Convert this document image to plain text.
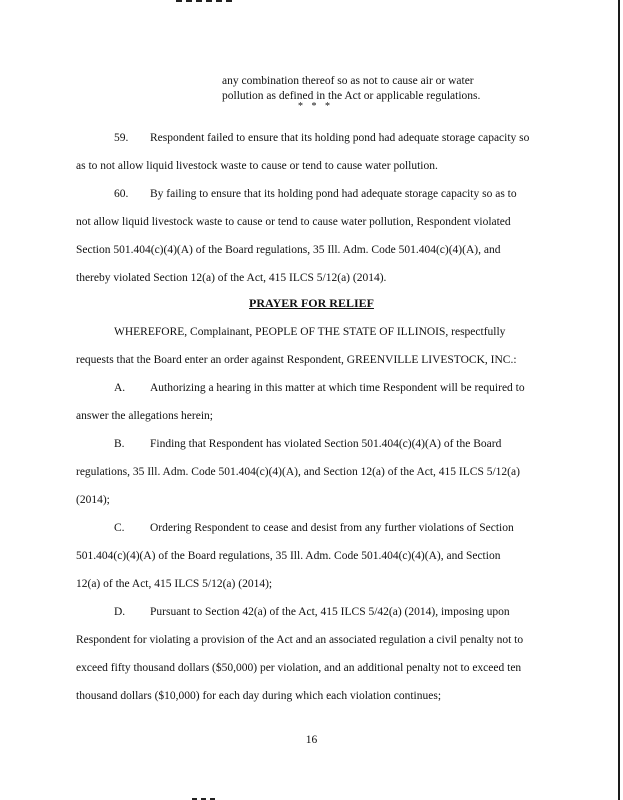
any combination thereof so as not to cause air or water
pollution as defined in the Act or applicable regulations.
* * *
59. Respondent failed to ensure that its holding pond had adequate storage capacity so
as to not allow liquid livestock waste to cause or tend to cause water pollution.
60. By failing to ensure that its holding pond had adequate storage capacity so as to
not allow liquid livestock waste to cause or tend to cause water pollution, Respondent violated
Section 501.404(c)(4)(A) of the Board regulations, 35 Ill. Adm. Code 501.404(c)(4)(A), and
thereby violated Section 12(a) of the Act, 415 ILCS 5/12(a) (2014).
PRAYER FOR RELIEF
WHEREFORE, Complainant, PEOPLE OF THE STATE OF ILLINOIS, respectfully
requests that the Board enter an order against Respondent, GREENVILLE LIVESTOCK, INC.:
A. Authorizing a hearing in this matter at which time Respondent will be required to
answer the allegations herein;
B. Finding that Respondent has violated Section 501.404(c)(4)(A) of the Board
regulations, 35 Ill. Adm. Code 501.404(c)(4)(A), and Section 12(a) of the Act, 415 ILCS 5/12(a)
(2014);
C. Ordering Respondent to cease and desist from any further violations of Section
501.404(c)(4)(A) of the Board regulations, 35 Ill. Adm. Code 501.404(c)(4)(A), and Section
12(a) of the Act, 415 ILCS 5/12(a) (2014);
D. Pursuant to Section 42(a) of the Act, 415 ILCS 5/42(a) (2014), imposing upon
Respondent for violating a provision of the Act and an associated regulation a civil penalty not to
exceed fifty thousand dollars ($50,000) per violation, and an additional penalty not to exceed ten
thousand dollars ($10,000) for each day during which each violation continues;
16
